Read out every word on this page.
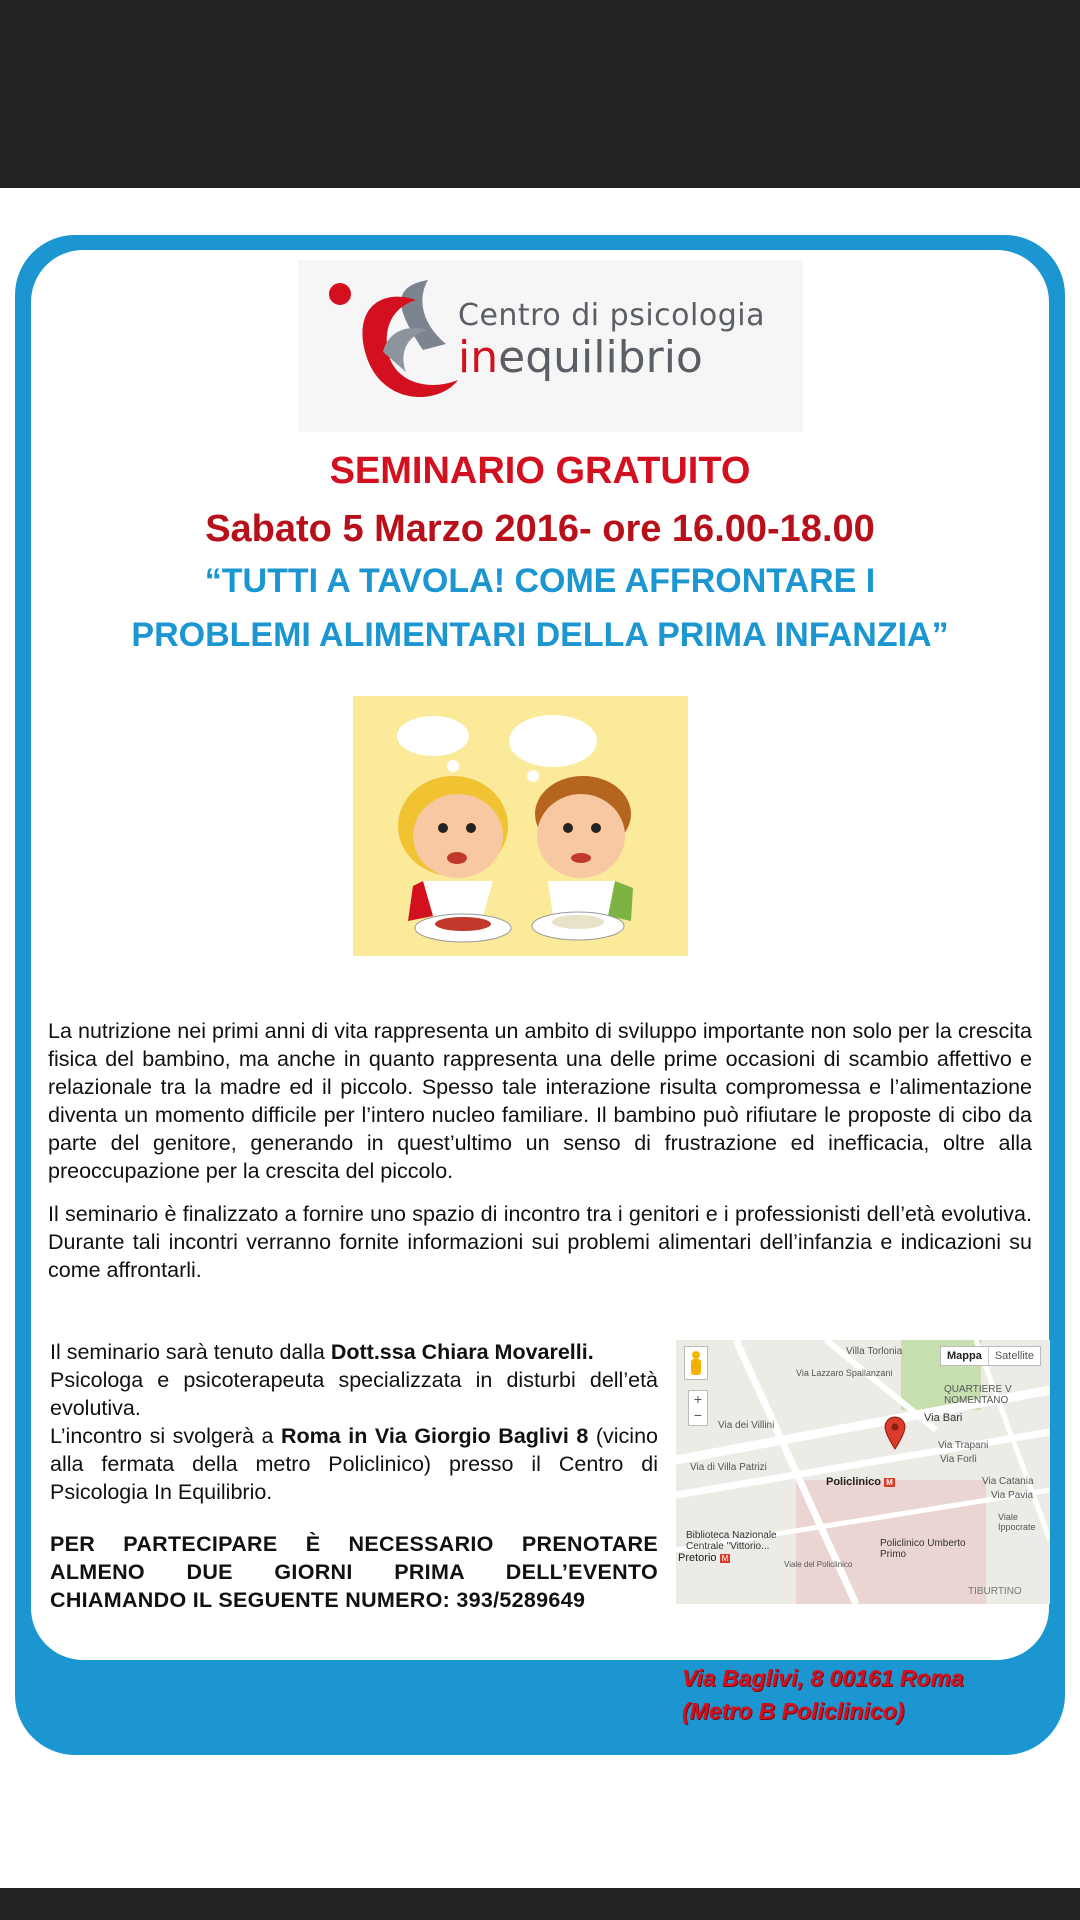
Centro di psicologia
inequilibrio
SEMINARIO GRATUITO
Sabato 5 Marzo 2016- ore 16.00-18.00
“TUTTI A TAVOLA! COME AFFRONTARE I
PROBLEMI ALIMENTARI DELLA PRIMA INFANZIA”
La nutrizione nei primi anni di vita rappresenta un ambito di sviluppo importante non solo per la crescita fisica del bambino, ma anche in quanto rappresenta una delle prime occasioni di scambio affettivo e relazionale tra la madre ed il piccolo. Spesso tale interazione risulta compromessa e l’alimentazione diventa un momento difficile per l’intero nucleo familiare. Il bambino può rifiutare le proposte di cibo da parte del genitore, generando in quest’ultimo un senso di frustrazione ed inefficacia, oltre alla preoccupazione per la crescita del piccolo.
Il seminario è finalizzato a fornire uno spazio di incontro tra i genitori e i professionisti dell’età evolutiva. Durante tali incontri verranno fornite informazioni sui problemi alimentari dell’infanzia e indicazioni su come affrontarli.
Il seminario sarà tenuto dalla Dott.ssa Chiara Movarelli.
Psicologa e psicoterapeuta specializzata in disturbi dell’età evolutiva.
L’incontro si svolgerà a Roma in Via Giorgio Baglivi 8 (vicino alla fermata della metro Policlinico) presso il Centro di Psicologia In Equilibrio.
PER PARTECIPARE È NECESSARIO PRENOTARE ALMENO DUE GIORNI PRIMA DELL’EVENTO CHIAMANDO IL SEGUENTE NUMERO: 393/5289649
+
−
Mappa Satellite
Villa Torlonia
QUARTIERE V NOMENTANO
Via Bari
Via dei Villini
Via di Villa Patrizi
Via Lazzaro Spallanzani
Via Catania
Via Pavia
Via Trapani
Via Forlì
Viale Ippocrate
Policlinico M
Biblioteca Nazionale Centrale "Vittorio...
Pretorio M
Policlinico Umberto Primo
TIBURTINO
Viale del Policlinico
Via Baglivi, 8 00161 Roma
(Metro B Policlinico)
